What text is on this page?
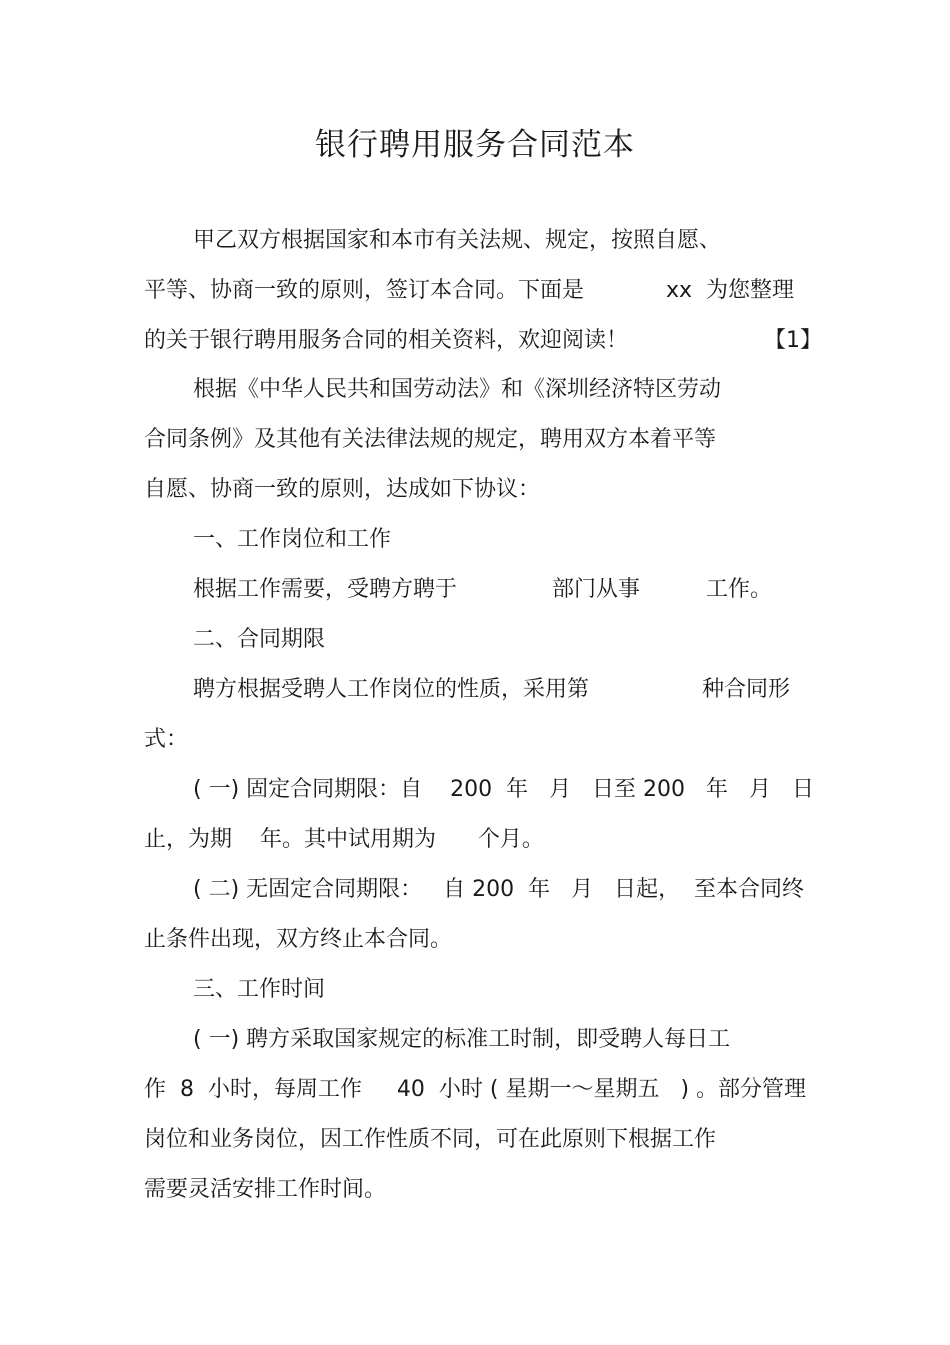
银行聘用服务合同范本
甲乙双方根据国家和本市有关法规、规定，按照自愿、
平等、协商一致的原则，签订本合同。下面是	xx 为您整理
的关于银行聘用服务合同的相关资料，欢迎阅读！	【1】
根据《中华人民共和国劳动法》和《深圳经济特区劳动
合同条例》及其他有关法律法规的规定，聘用双方本着平等
自愿、协商一致的原则，达成如下协议：
一、工作岗位和工作
根据工作需要，受聘方聘于	部门从事	工作。
二、合同期限
聘方根据受聘人工作岗位的性质，采用第	种合同形
式：
( 一) 固定合同期限：自    200  年   月   日至 200   年   月   日
止，为期    年。其中试用期为      个月。
( 二) 无固定合同期限：   自 200  年   月   日起，  至本合同终
止条件出现，双方终止本合同。
三、工作时间
( 一) 聘方采取国家规定的标准工时制，即受聘人每日工
作  8  小时，每周工作     40  小时 ( 星期一～星期五   ) 。部分管理
岗位和业务岗位，因工作性质不同，可在此原则下根据工作
需要灵活安排工作时间。
